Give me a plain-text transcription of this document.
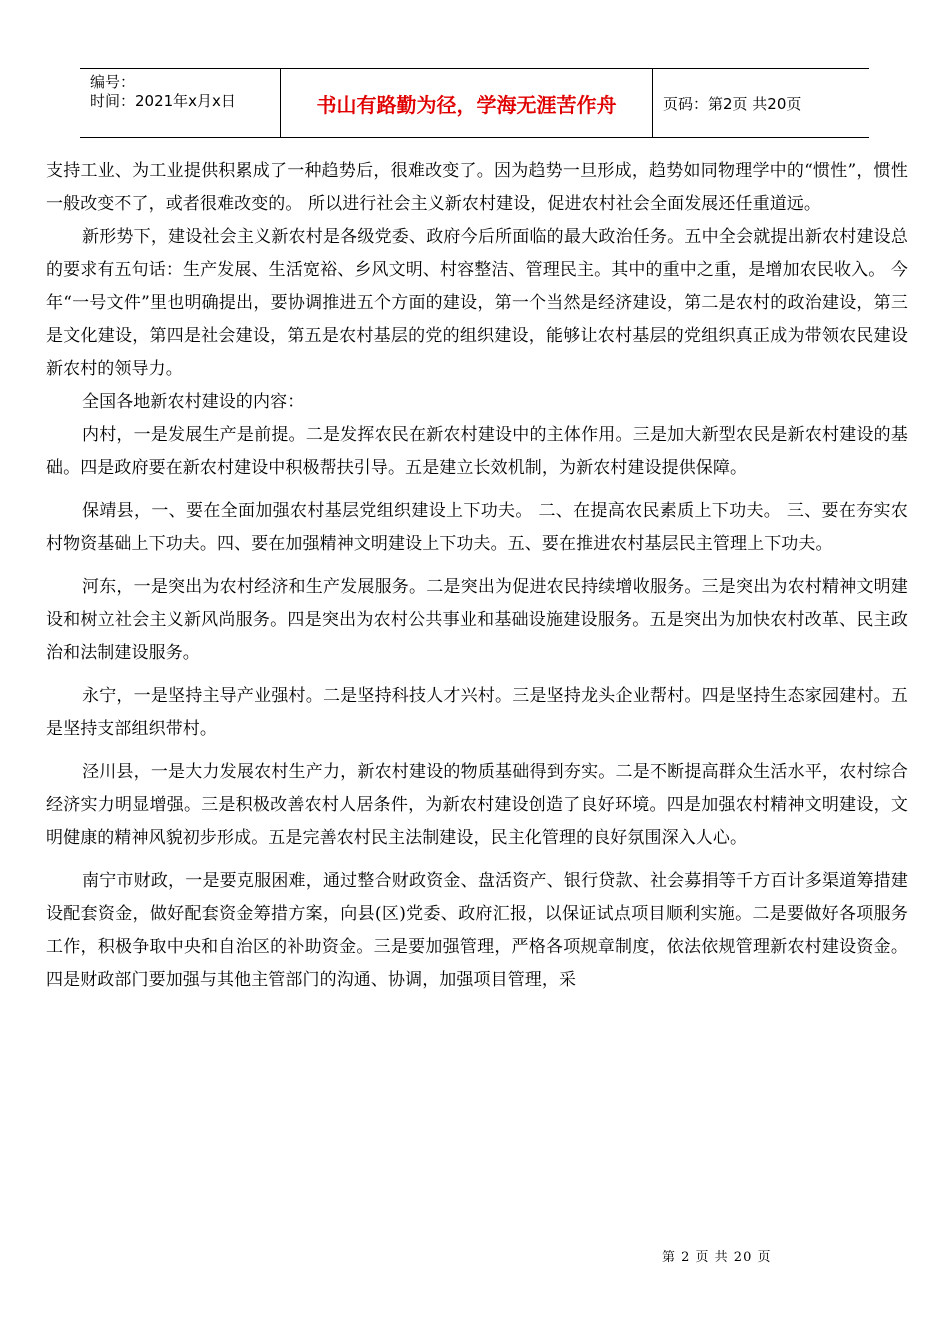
编号：
时间：2021年x月x日	书山有路勤为径，学海无涯苦作舟	页码：第2页 共20页

支持工业、为工业提供积累成了一种趋势后，很难改变了。因为趋势一旦形成，趋势如同物理学中的“惯性”，惯性一般改变不了，或者很难改变的。 所以进行社会主义新农村建设，促进农村社会全面发展还任重道远。

新形势下，建设社会主义新农村是各级党委、政府今后所面临的最大政治任务。五中全会就提出新农村建设总的要求有五句话：生产发展、生活宽裕、乡风文明、村容整洁、管理民主。其中的重中之重，是增加农民收入。 今年“一号文件”里也明确提出，要协调推进五个方面的建设，第一个当然是经济建设，第二是农村的政治建设，第三是文化建设，第四是社会建设，第五是农村基层的党的组织建设，能够让农村基层的党组织真正成为带领农民建设新农村的领导力。

全国各地新农村建设的内容：

内村，一是发展生产是前提。二是发挥农民在新农村建设中的主体作用。三是加大新型农民是新农村建设的基础。四是政府要在新农村建设中积极帮扶引导。五是建立长效机制，为新农村建设提供保障。

保靖县，一、要在全面加强农村基层党组织建设上下功夫。 二、在提高农民素质上下功夫。 三、要在夯实农村物资基础上下功夫。四、要在加强精神文明建设上下功夫。五、要在推进农村基层民主管理上下功夫。

河东，一是突出为农村经济和生产发展服务。二是突出为促进农民持续增收服务。三是突出为农村精神文明建设和树立社会主义新风尚服务。四是突出为农村公共事业和基础设施建设服务。五是突出为加快农村改革、民主政治和法制建设服务。

永宁，一是坚持主导产业强村。二是坚持科技人才兴村。三是坚持龙头企业帮村。四是坚持生态家园建村。五是坚持支部组织带村。

泾川县，一是大力发展农村生产力，新农村建设的物质基础得到夯实。二是不断提高群众生活水平，农村综合经济实力明显增强。三是积极改善农村人居条件，为新农村建设创造了良好环境。四是加强农村精神文明建设，文明健康的精神风貌初步形成。五是完善农村民主法制建设，民主化管理的良好氛围深入人心。

南宁市财政，一是要克服困难，通过整合财政资金、盘活资产、银行贷款、社会募捐等千方百计多渠道筹措建设配套资金，做好配套资金筹措方案，向县(区)党委、政府汇报，以保证试点项目顺利实施。二是要做好各项服务工作，积极争取中央和自治区的补助资金。三是要加强管理，严格各项规章制度，依法依规管理新农村建设资金。四是财政部门要加强与其他主管部门的沟通、协调，加强项目管理，采

第 2 页 共 20 页
